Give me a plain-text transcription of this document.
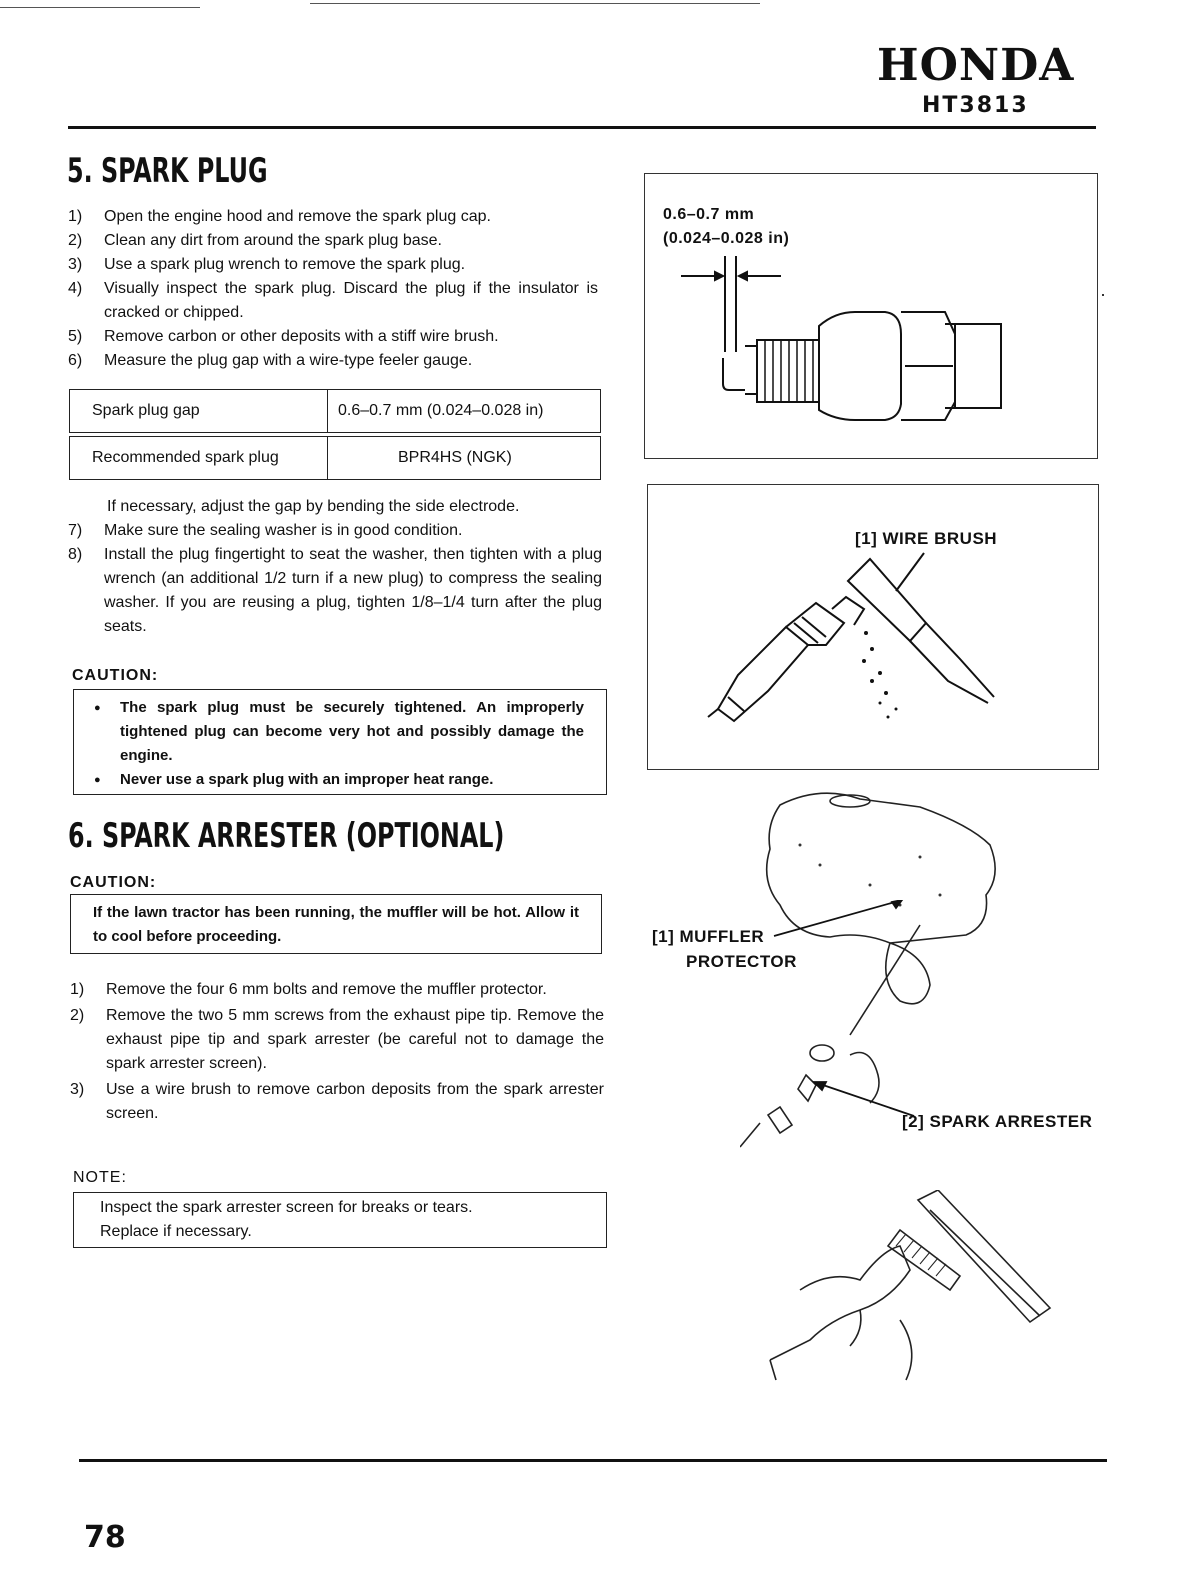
HONDA
HT3813
5. SPARK PLUG
1) Open the engine hood and remove the spark plug cap.
2) Clean any dirt from around the spark plug base.
3) Use a spark plug wrench to remove the spark plug.
4) Visually inspect the spark plug. Discard the plug if the insulator is cracked or chipped.
5) Remove carbon or other deposits with a stiff wire brush.
6) Measure the plug gap with a wire-type feeler gauge.
Spark plug gap	0.6–0.7 mm (0.024–0.028 in)
Recommended spark plug	BPR4HS (NGK)
If necessary, adjust the gap by bending the side electrode.
7) Make sure the sealing washer is in good condition.
8) Install the plug fingertight to seat the washer, then tighten with a plug wrench (an additional 1/2 turn if a new plug) to compress the sealing washer. If you are reusing a plug, tighten 1/8–1/4 turn after the plug seats.
CAUTION:
● The spark plug must be securely tightened. An improperly tightened plug can become very hot and possibly damage the engine.
● Never use a spark plug with an improper heat range.
6. SPARK ARRESTER (OPTIONAL)
CAUTION:
If the lawn tractor has been running, the muffler will be hot. Allow it to cool before proceeding.
1) Remove the four 6 mm bolts and remove the muffler protector.
2) Remove the two 5 mm screws from the exhaust pipe tip. Remove the exhaust pipe tip and spark arrester (be careful not to damage the spark arrester screen).
3) Use a wire brush to remove carbon deposits from the spark arrester screen.
NOTE:
Inspect the spark arrester screen for breaks or tears.
Replace if necessary.
0.6–0.7 mm
(0.024–0.028 in)
[1] WIRE BRUSH
[1] MUFFLER
PROTECTOR
[2] SPARK ARRESTER
78
